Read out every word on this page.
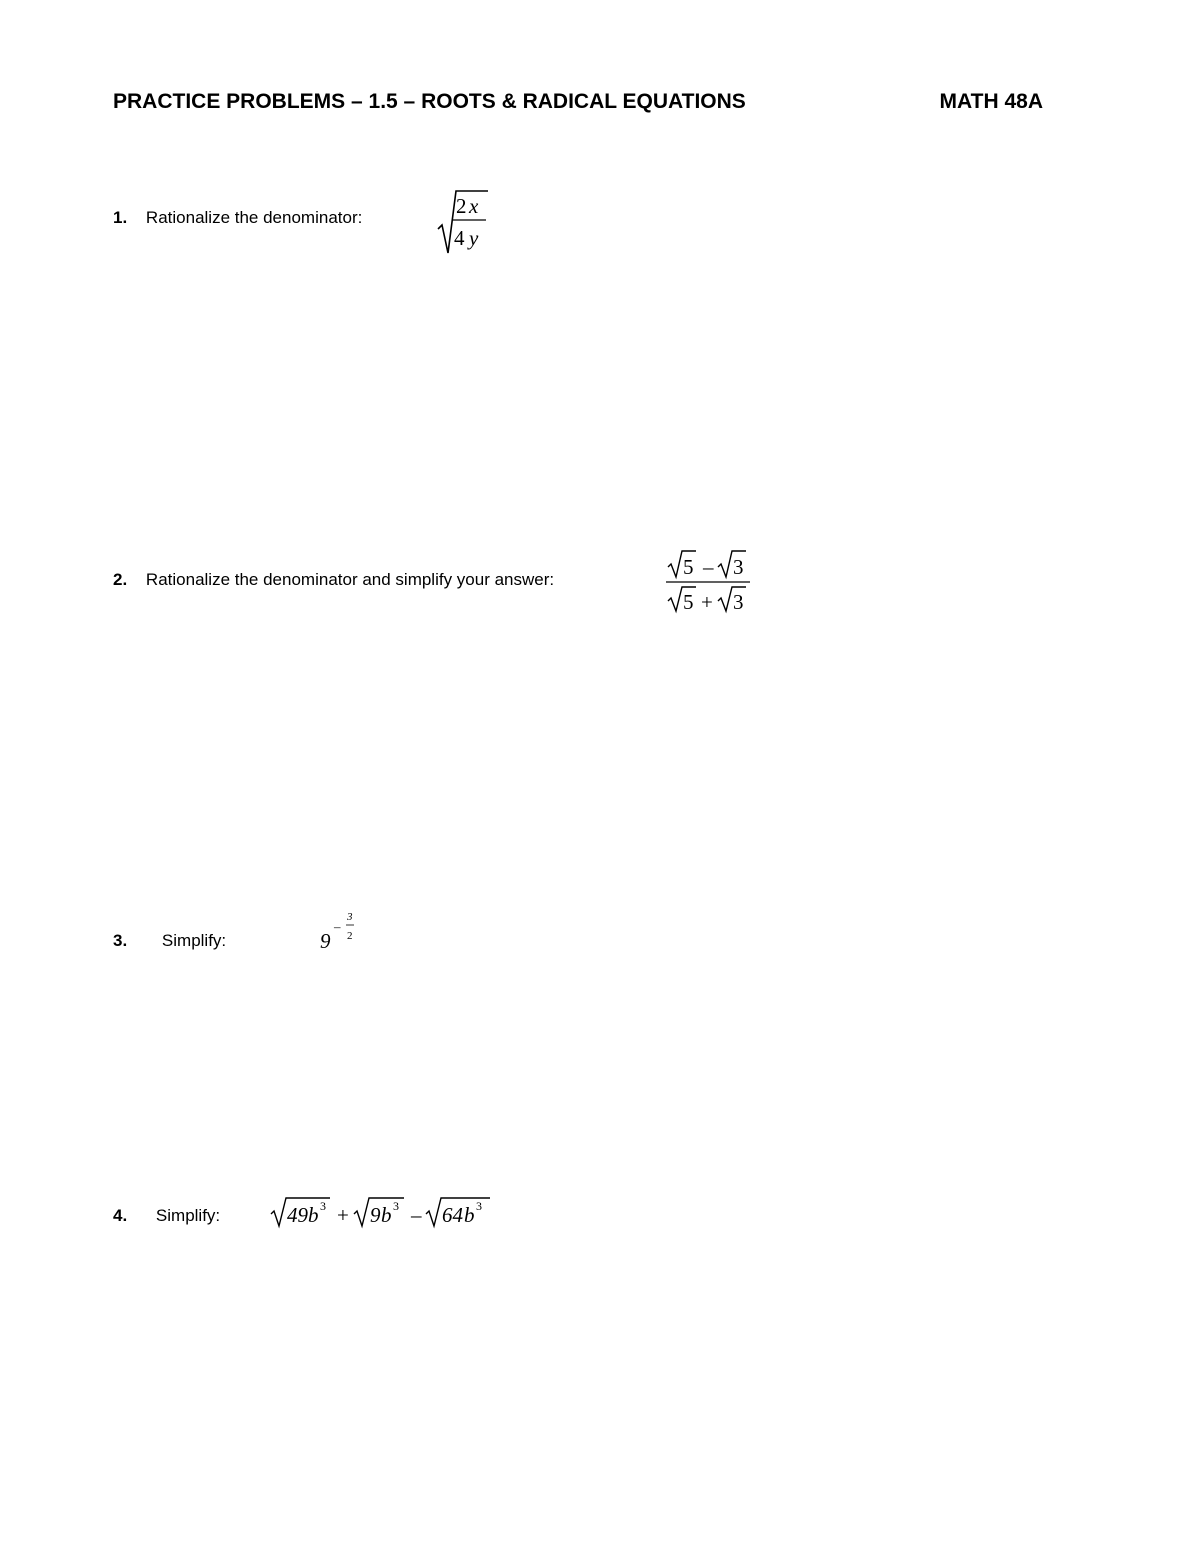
PRACTICE PROBLEMS – 1.5 – ROOTS & RADICAL EQUATIONS	MATH 48A
1. Rationalize the denominator:	2 x
4 y
2. Rationalize the denominator and simplify your answer:
5 – 3
5 + 3
3. Simplify:	9
–
3
2
4. Simplify:	49 b 3 + 9 b 3 – 64 b 3
